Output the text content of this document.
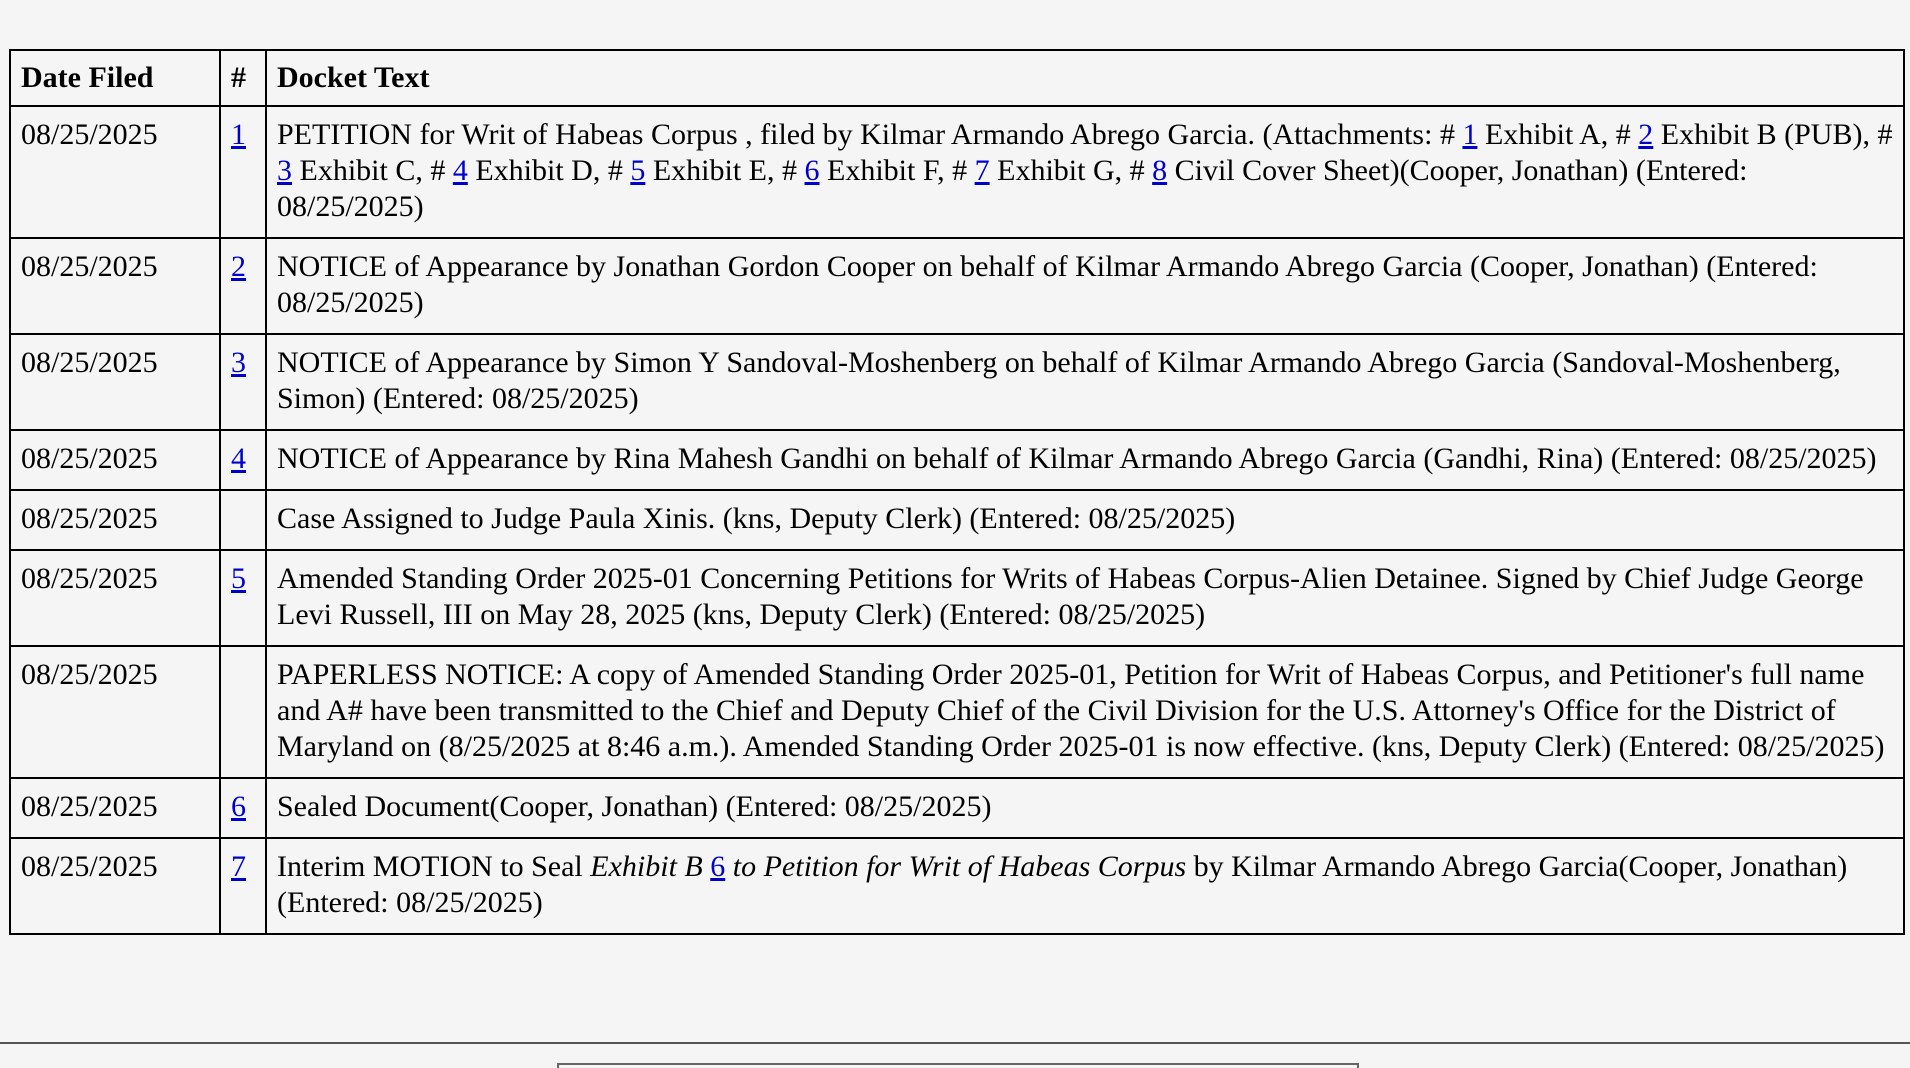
Date Filed	#	Docket Text
08/25/2025	1	PETITION for Writ of Habeas Corpus , filed by Kilmar Armando Abrego Garcia. (Attachments: # 1 Exhibit A, # 2 Exhibit B (PUB), # 3 Exhibit C, # 4 Exhibit D, # 5 Exhibit E, # 6 Exhibit F, # 7 Exhibit G, # 8 Civil Cover Sheet)(Cooper, Jonathan) (Entered: 08/25/2025)
08/25/2025	2	NOTICE of Appearance by Jonathan Gordon Cooper on behalf of Kilmar Armando Abrego Garcia (Cooper, Jonathan) (Entered: 08/25/2025)
08/25/2025	3	NOTICE of Appearance by Simon Y Sandoval-Moshenberg on behalf of Kilmar Armando Abrego Garcia (Sandoval-Moshenberg, Simon) (Entered: 08/25/2025)
08/25/2025	4	NOTICE of Appearance by Rina Mahesh Gandhi on behalf of Kilmar Armando Abrego Garcia (Gandhi, Rina) (Entered: 08/25/2025)
08/25/2025		Case Assigned to Judge Paula Xinis. (kns, Deputy Clerk) (Entered: 08/25/2025)
08/25/2025	5	Amended Standing Order 2025-01 Concerning Petitions for Writs of Habeas Corpus-Alien Detainee. Signed by Chief Judge George Levi Russell, III on May 28, 2025 (kns, Deputy Clerk) (Entered: 08/25/2025)
08/25/2025		PAPERLESS NOTICE: A copy of Amended Standing Order 2025-01, Petition for Writ of Habeas Corpus, and Petitioner's full name and A# have been transmitted to the Chief and Deputy Chief of the Civil Division for the U.S. Attorney's Office for the District of Maryland on (8/25/2025 at 8:46 a.m.). Amended Standing Order 2025-01 is now effective. (kns, Deputy Clerk) (Entered: 08/25/2025)
08/25/2025	6	Sealed Document(Cooper, Jonathan) (Entered: 08/25/2025)
08/25/2025	7	Interim MOTION to Seal Exhibit B 6 to Petition for Writ of Habeas Corpus by Kilmar Armando Abrego Garcia(Cooper, Jonathan) (Entered: 08/25/2025)
